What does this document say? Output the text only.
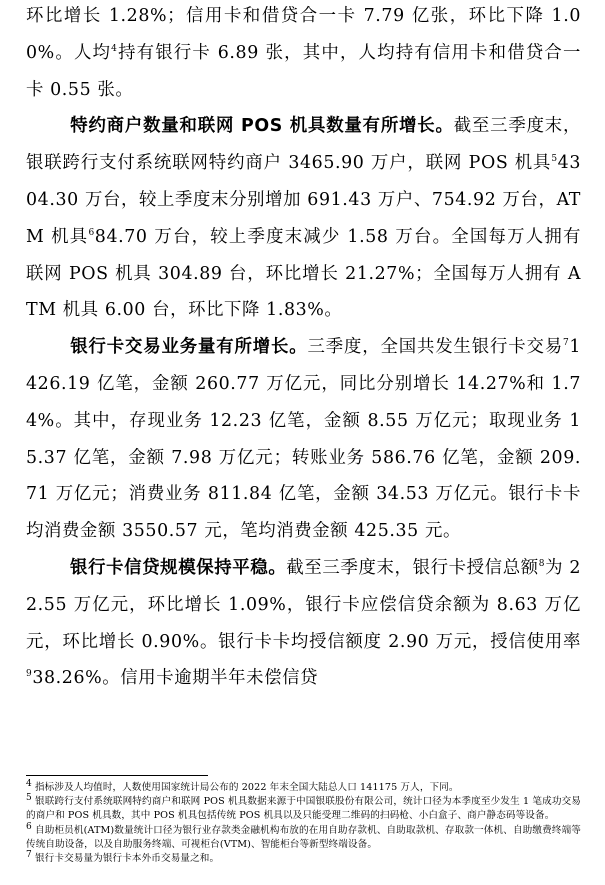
环比增长 1.28%；信用卡和借贷合一卡 7.79 亿张，环比下降 1.00%。人均$^4$持有银行卡 6.89 张，其中，人均持有信用卡和借贷合一卡 0.55 张。

特约商户数量和联网 POS 机具数量有所增长。截至三季度末，银联跨行支付系统联网特约商户 3465.90 万户，联网 POS 机具$^5$4304.30 万台，较上季度末分别增加 691.43 万户、754.92 万台，ATM 机具$^6$84.70 万台，较上季度末减少 1.58 万台。全国每万人拥有联网 POS 机具 304.89 台，环比增长 21.27%；全国每万人拥有 ATM 机具 6.00 台，环比下降 1.83%。

银行卡交易业务量有所增长。三季度，全国共发生银行卡交易$^7$1426.19 亿笔，金额 260.77 万亿元，同比分别增长 14.27%和 1.74%。其中，存现业务 12.23 亿笔，金额 8.55 万亿元；取现业务 15.37 亿笔，金额 7.98 万亿元；转账业务 586.76 亿笔，金额 209.71 万亿元；消费业务 811.84 亿笔，金额 34.53 万亿元。银行卡卡均消费金额 3550.57 元，笔均消费金额 425.35 元。

银行卡信贷规模保持平稳。截至三季度末，银行卡授信总额$^8$为 22.55 万亿元，环比增长 1.09%，银行卡应偿信贷余额为 8.63 万亿元，环比增长 0.90%。银行卡卡均授信额度 2.90 万元，授信使用率$^9$38.26%。信用卡逾期半年未偿信贷

$^4$ 指标涉及人均值时，人数使用国家统计局公布的 2022 年末全国大陆总人口 141175 万人，下同。

$^5$ 银联跨行支付系统联网特约商户和联网 POS 机具数据来源于中国银联股份有限公司，统计口径为本季度至少发生 1 笔成功交易的商户和 POS 机具数，其中 POS 机具包括传统 POS 机具以及只能受理二维码的扫码枪、小白盒子、商户静态码等设备。

$^6$ 自助柜员机(ATM)数量统计口径为银行业存款类金融机构布放的在用自助存款机、自助取款机、存取款一体机、自助缴费终端等传统自助设备，以及自助服务终端、可视柜台(VTM)、智能柜台等新型终端设备。

$^7$ 银行卡交易量为银行卡本外币交易量之和。
